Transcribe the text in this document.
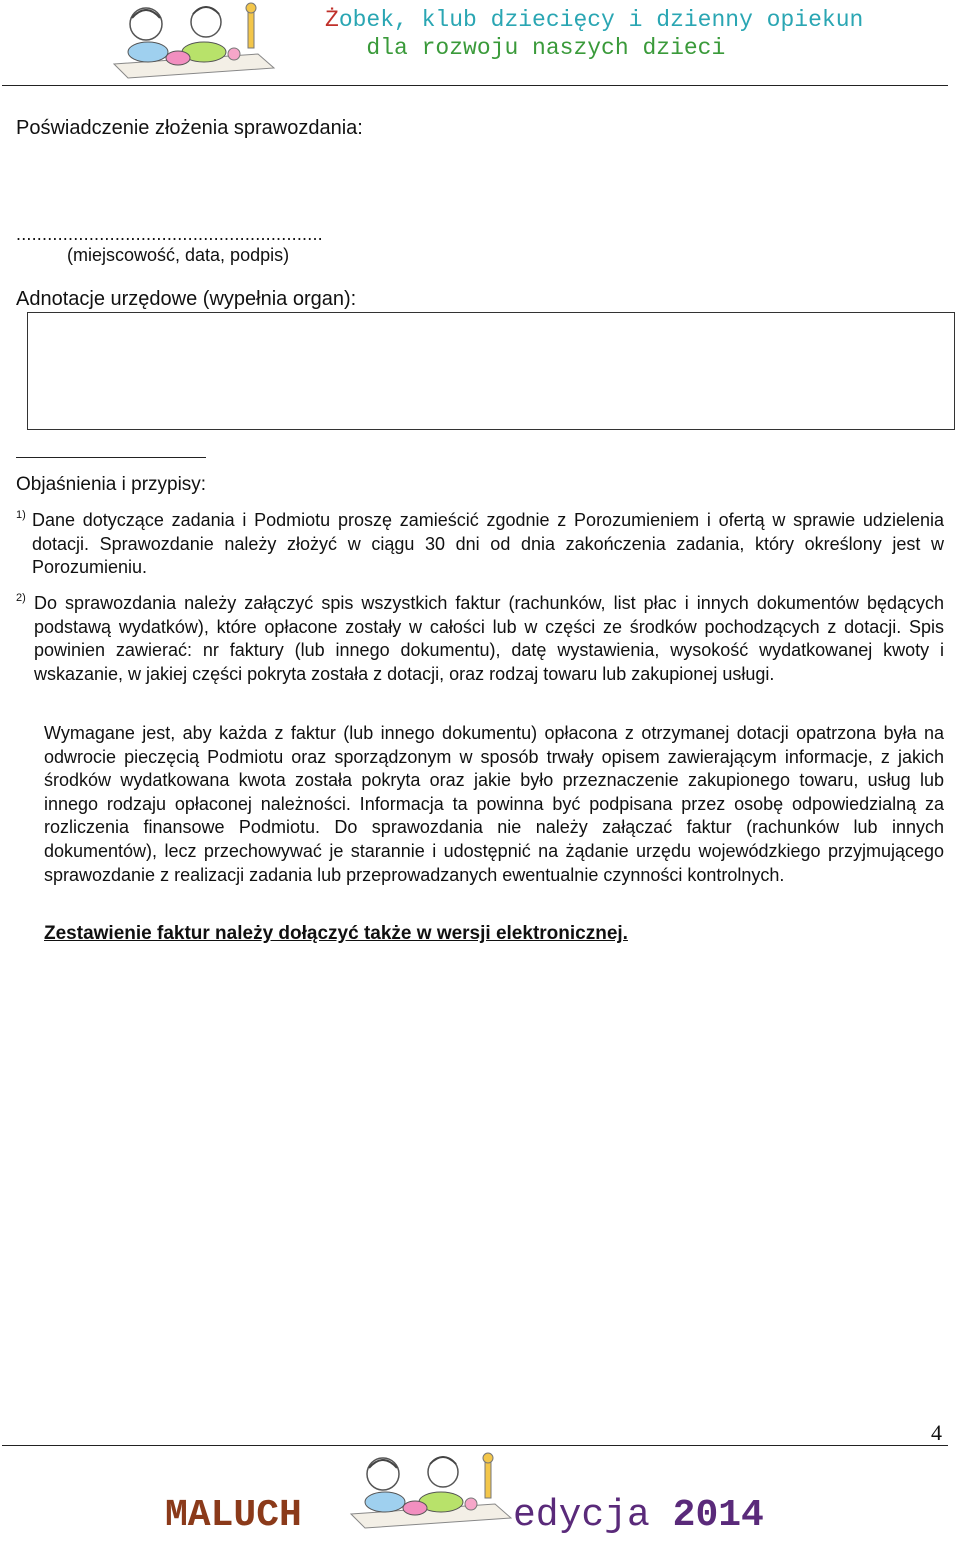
Żobek, klub dziecięcy i dzienny opiekun
dla rozwoju naszych dzieci
Poświadczenie złożenia sprawozdania:
...........................................................
(miejscowość, data, podpis)
Adnotacje urzędowe (wypełnia organ):
Objaśnienia i przypisy:
$^{1)}$ Dane dotyczące zadania i Podmiotu proszę zamieścić zgodnie z Porozumieniem i ofertą w sprawie udzielenia dotacji. Sprawozdanie należy złożyć w ciągu 30 dni od dnia zakończenia zadania, który określony jest w Porozumieniu.
$^{2)}$ Do sprawozdania należy załączyć spis wszystkich faktur (rachunków, list płac i innych dokumentów będących podstawą wydatków), które opłacone zostały w całości lub w części ze środków pochodzących z dotacji. Spis powinien zawierać: nr faktury (lub innego dokumentu), datę wystawienia, wysokość wydatkowanej kwoty i wskazanie, w jakiej części pokryta została z dotacji, oraz rodzaj towaru lub zakupionej usługi.
Wymagane jest, aby każda z faktur (lub innego dokumentu) opłacona z otrzymanej dotacji opatrzona była na odwrocie pieczęcią Podmiotu oraz sporządzonym w sposób trwały opisem zawierającym informacje, z jakich środków wydatkowana kwota została pokryta oraz jakie było przeznaczenie zakupionego towaru, usług lub innego rodzaju opłaconej należności. Informacja ta powinna być podpisana przez osobę odpowiedzialną za rozliczenia finansowe Podmiotu. Do sprawozdania nie należy załączać faktur (rachunków lub innych dokumentów), lecz przechowywać je starannie i udostępnić na żądanie urzędu wojewódzkiego przyjmującego sprawozdanie z realizacji zadania lub przeprowadzanych ewentualnie czynności kontrolnych.
Zestawienie faktur należy dołączyć także w wersji elektronicznej.
4
MALUCH	edycja 2014
